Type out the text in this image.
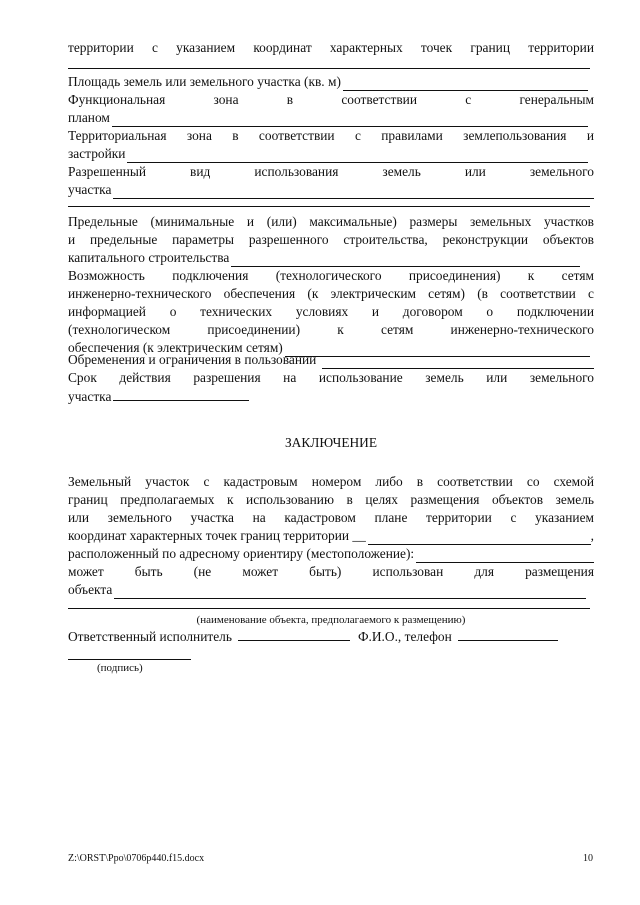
территории с указанием координат характерных точек границ территории
Площадь земель или земельного участка (кв. м)
Функциональная зона в соответствии с генеральным
планом
Территориальная зона в соответствии с правилами землепользования и
застройки
Разрешенный вид использования земель или земельного
участка
Предельные (минимальные и (или) максимальные) размеры земельных участков
и предельные параметры разрешенного строительства, реконструкции объектов
капитального строительства
Возможность подключения (технологического присоединения) к сетям
инженерно-технического обеспечения (к электрическим сетям) (в соответствии с
информацией о технических условиях и договором о подключении
(технологическом присоединении) к сетям инженерно-технического
обеспечения (к электрическим сетям)
Обременения и ограничения в пользовании
Срок действия разрешения на использование земель или земельного
участка
ЗАКЛЮЧЕНИЕ
Земельный участок с кадастровым номером либо в соответствии со схемой
границ предполагаемых к использованию в целях размещения объектов земель
или земельного участка на кадастровом плане территории с указанием
координат характерных точек границ территории __	,
расположенный по адресному ориентиру (местоположение):
может быть (не может быть) использован для размещения
объекта
(наименование объекта, предполагаемого к размещению)
Ответственный исполнитель	Ф.И.О., телефон
(подпись)
Z:\ORST\Ppo\0706p440.f15.docx	10
